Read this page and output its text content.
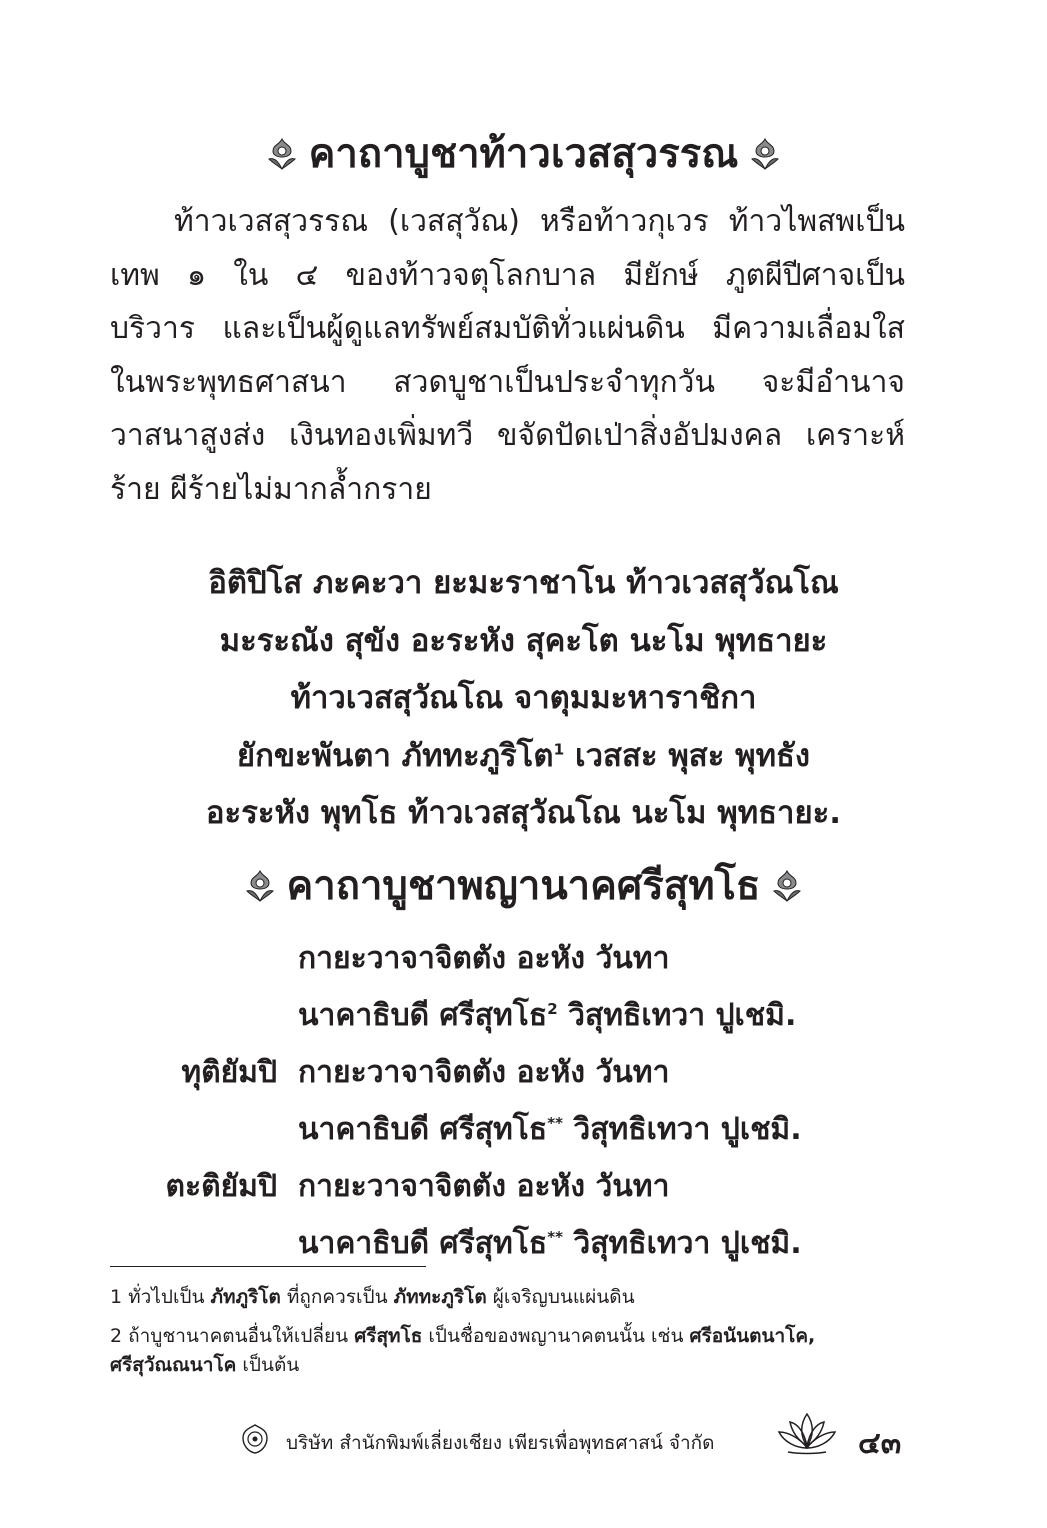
คาถาบูชาท้าวเวสสุวรรณ
ท้าวเวสสุวรรณ (เวสสุวัณ) หรือท้าวกุเวร ท้าวไพสพเป็น
เทพ ๑ ใน ๔ ของท้าวจตุโลกบาล มียักษ์ ภูตผีปีศาจเป็น
บริวาร และเป็นผู้ดูแลทรัพย์สมบัติทั่วแผ่นดิน มีความเลื่อมใส
ในพระพุทธศาสนา สวดบูชาเป็นประจำทุกวัน จะมีอำนาจ
วาสนาสูงส่ง เงินทองเพิ่มทวี ขจัดปัดเป่าสิ่งอัปมงคล เคราะห์
ร้าย ผีร้ายไม่มากล้ำกราย
อิติปิโส ภะคะวา ยะมะราชาโน ท้าวเวสสุวัณโณ
มะระณัง สุขัง อะระหัง สุคะโต นะโม พุทธายะ
ท้าวเวสสุวัณโณ จาตุมมะหาราชิกา
ยักขะพันตา ภัททะภูริโต$^1$ เวสสะ พุสะ พุทธัง
อะระหัง พุทโธ ท้าวเวสสุวัณโณ นะโม พุทธายะ.
คาถาบูชาพญานาคศรีสุทโธ
กายะวาจาจิตตัง อะหัง วันทา
นาคาธิบดี ศรีสุทโธ$^2$ วิสุทธิเทวา ปูเชมิ.
ทุติยัมปิ กายะวาจาจิตตัง อะหัง วันทา
นาคาธิบดี ศรีสุทโธ** วิสุทธิเทวา ปูเชมิ.
ตะติยัมปิ กายะวาจาจิตตัง อะหัง วันทา
นาคาธิบดี ศรีสุทโธ** วิสุทธิเทวา ปูเชมิ.
1 ทั่วไปเป็น ภัทภูริโต ที่ถูกควรเป็น ภัททะภูริโต ผู้เจริญบนแผ่นดิน
2 ถ้าบูชานาคตนอื่นให้เปลี่ยน ศรีสุทโธ เป็นชื่อของพญานาคตนนั้น เช่น ศรีอนันตนาโค,
ศรีสุวัณณนาโค เป็นต้น
บริษัท สำนักพิมพ์เลี่ยงเชียง เพียรเพื่อพุทธศาสน์ จำกัด	๔๓
